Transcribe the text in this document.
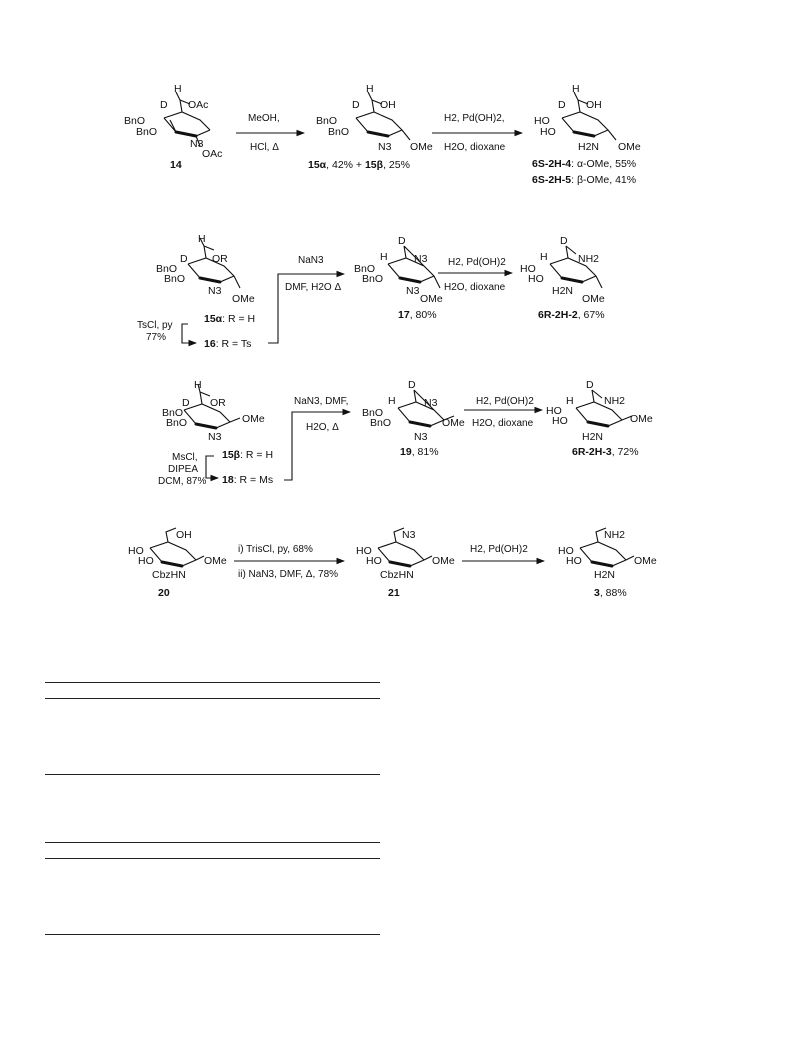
H
D OAc
BnO
BnO
N3
OAc
14
MeOH,
HCl, Δ
H
D OH
BnO
BnO
N3 OMe
15α, 42% + 15β, 25%
H2, Pd(OH)2,
H2O, dioxane
H
D OH
HO
HO
H2N OMe
6S-2H-4: α-OMe, 55%
6S-2H-5: β-OMe, 41%
H
D OR
BnO
BnO
N3
OMe
TsCl, py
77%
15α: R = H
16: R = Ts
NaN3
DMF, H2O Δ
D
H	N3
BnO
BnO
N3
OMe
17, 80%
H2, Pd(OH)2
H2O, dioxane
D
H	NH2
HO
HO
H2N
OMe
6R-2H-2, 67%
H
D OR
BnO
BnO
N3
OMe
MsCl,
DIPEA
DCM, 87%
15β: R = H
18: R = Ms
NaN3, DMF,
H2O, Δ
D
H	N3
BnO
BnO
N3
OMe
19, 81%
H2, Pd(OH)2
H2O, dioxane
D
H	NH2
HO
HO
H2N
OMe
6R-2H-3, 72%
OH
HO
HO
CbzHN
OMe
20
i) TrisCl, py, 68%
ii) NaN3, DMF, Δ, 78%
N3
HO
HO
CbzHN
OMe
21
H2, Pd(OH)2
NH2
HO
HO
H2N
OMe
3, 88%
